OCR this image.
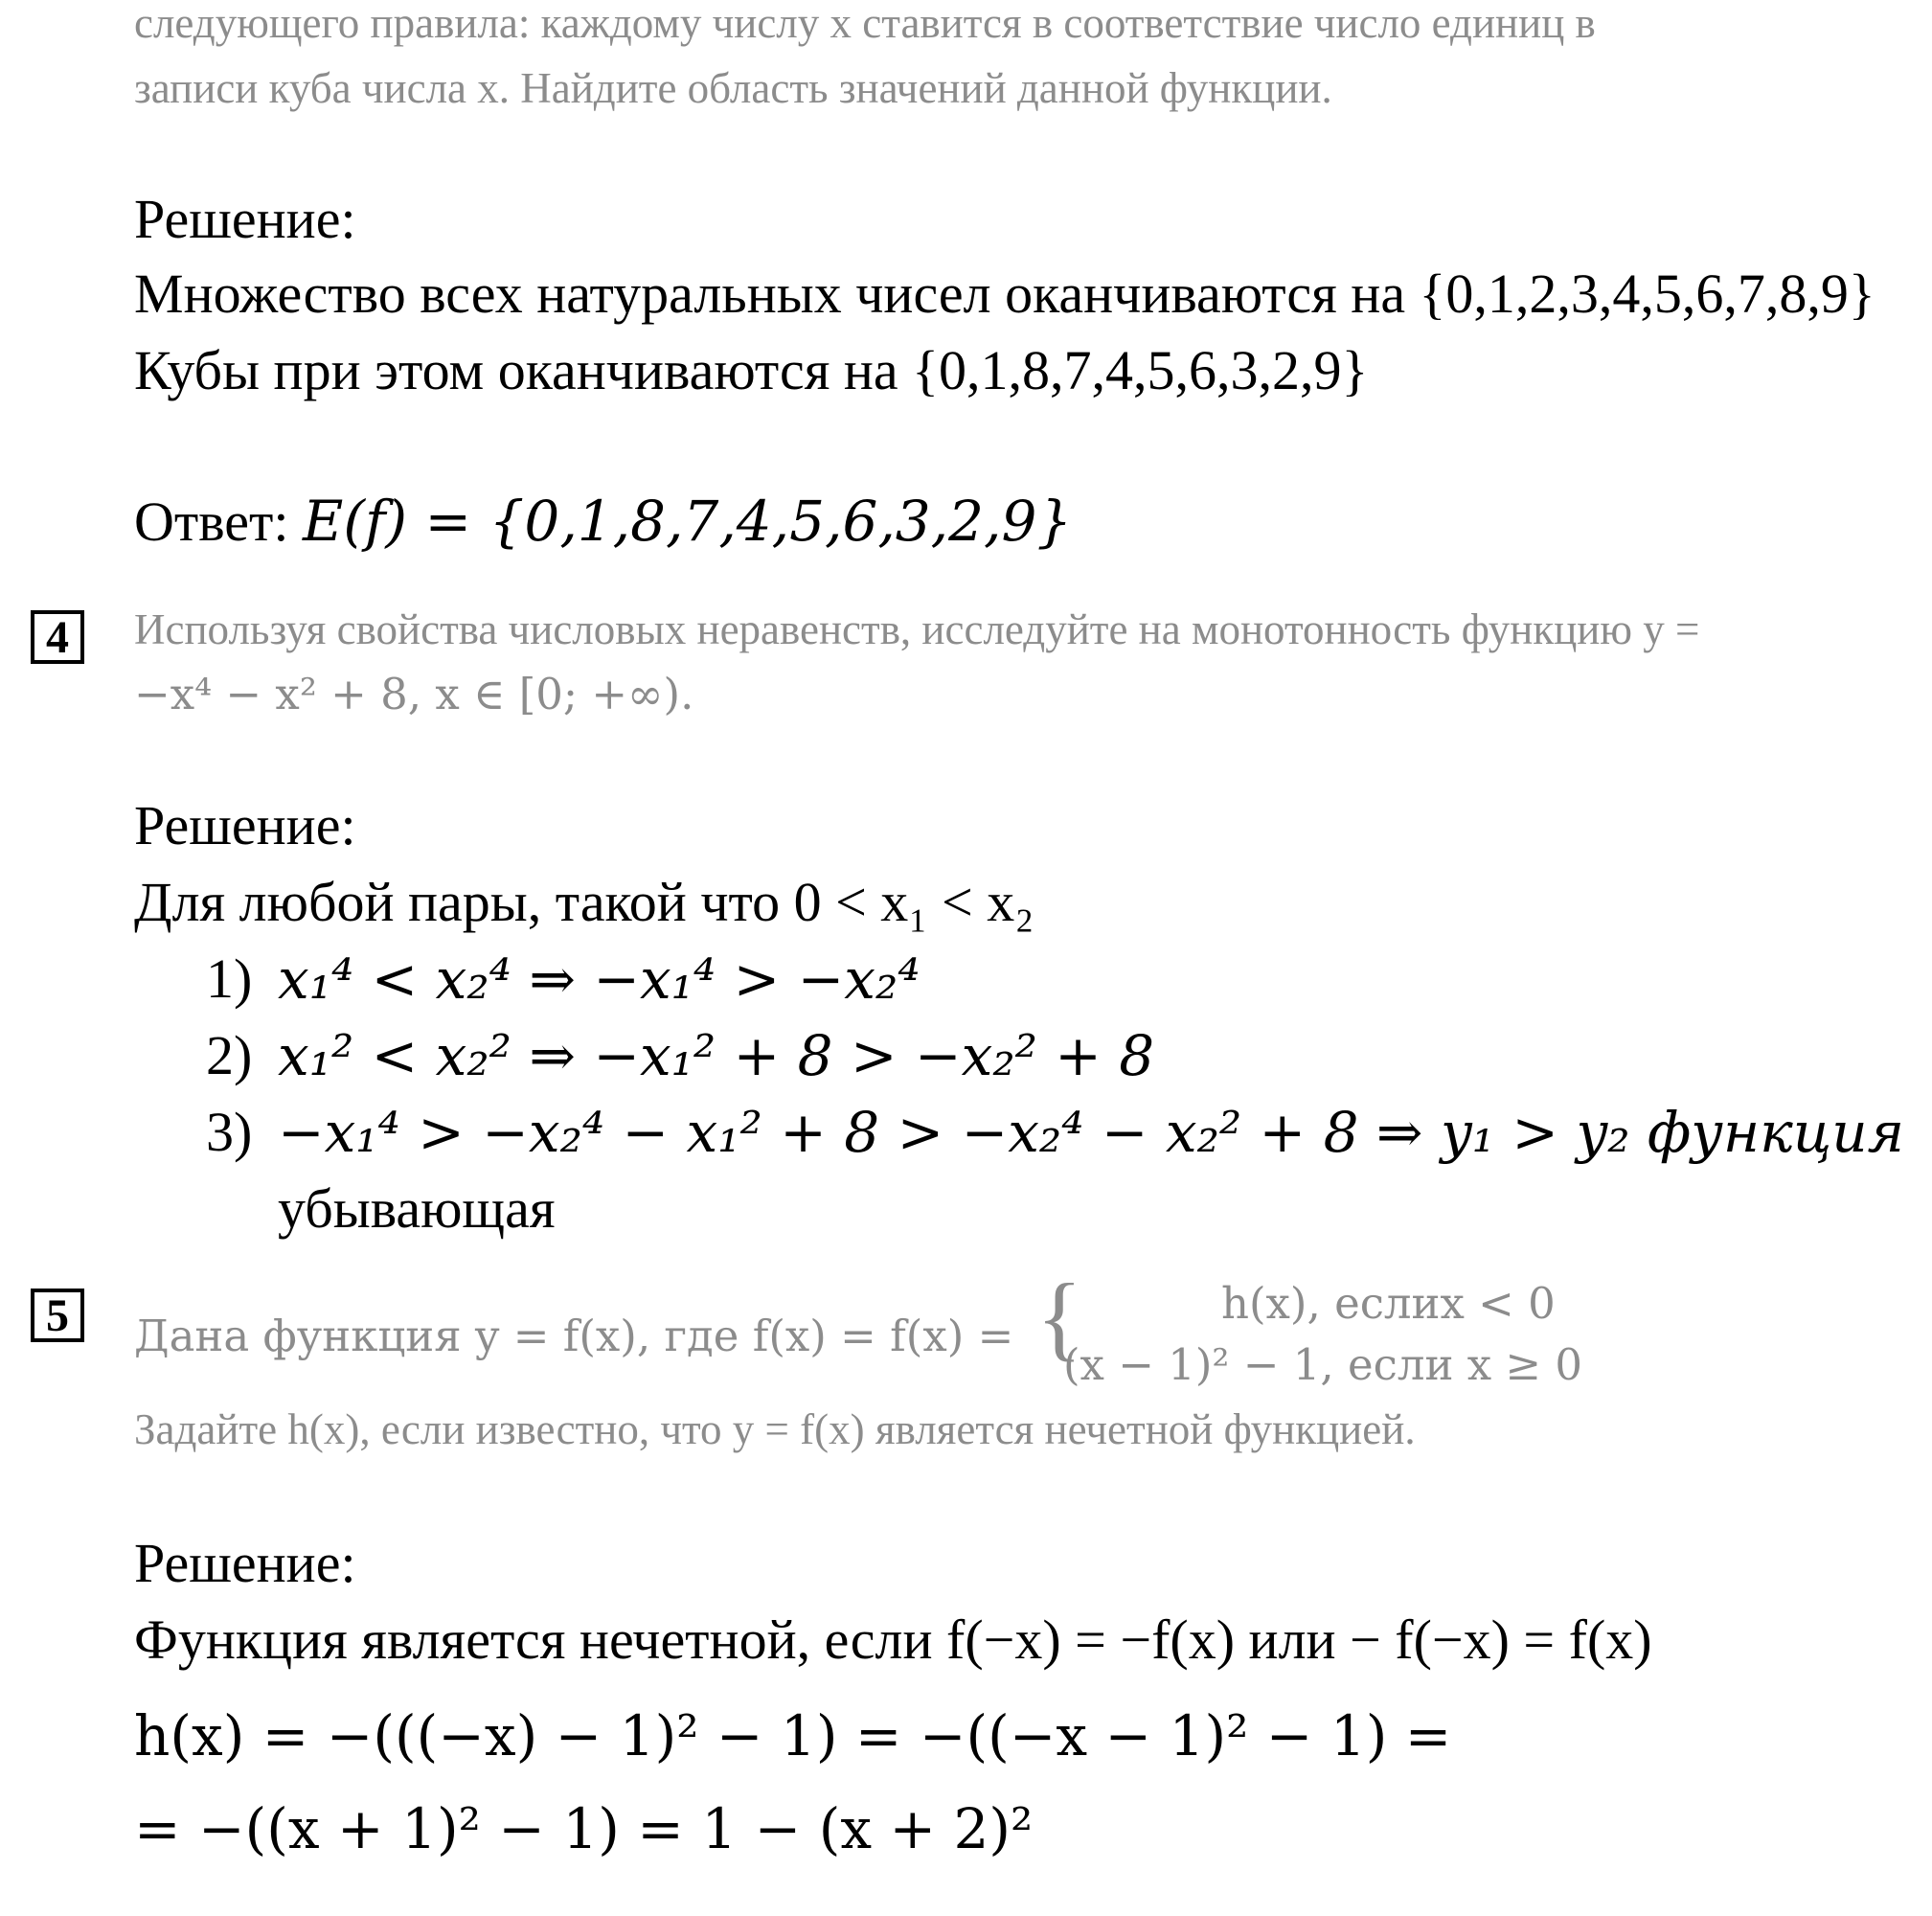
следующего правила: каждому числу x ставится в соответствие число единиц в
записи куба числа x. Найдите область значений данной функции.
Решение:
Множество всех натуральных чисел оканчиваются на {0,1,2,3,4,5,6,7,8,9}
Кубы при этом оканчиваются на {0,1,8,7,4,5,6,3,2,9}
Ответ: E(f) = {0,1,8,7,4,5,6,3,2,9}
4	Используя свойства числовых неравенств, исследуйте на монотонность функцию y =
−x⁴ − x² + 8, x ∈ [0; +∞).
Решение:
Для любой пары, такой что 0 < x₁ < x₂
1) x₁⁴ < x₂⁴ ⇒ −x₁⁴ > −x₂⁴
2) x₁² < x₂² ⇒ −x₁² + 8 > −x₂² + 8
3) −x₁⁴ > −x₂⁴ − x₁² + 8 > −x₂⁴ − x₂² + 8 ⇒ y₁ > y₂ функция
убывающая
5	Дана функция y = f(x), где f(x) = f(x) = {	h(x), еслиx < 0
(x − 1)² − 1, если x ≥ 0
Задайте h(x), если известно, что y = f(x) является нечетной функцией.
Решение:
Функция является нечетной, если f(−x) = −f(x) или − f(−x) = f(x)
h(x) = −(((−x) − 1)² − 1) = −((−x − 1)² − 1) =
= −((x + 1)² − 1) = 1 − (x + 2)²
